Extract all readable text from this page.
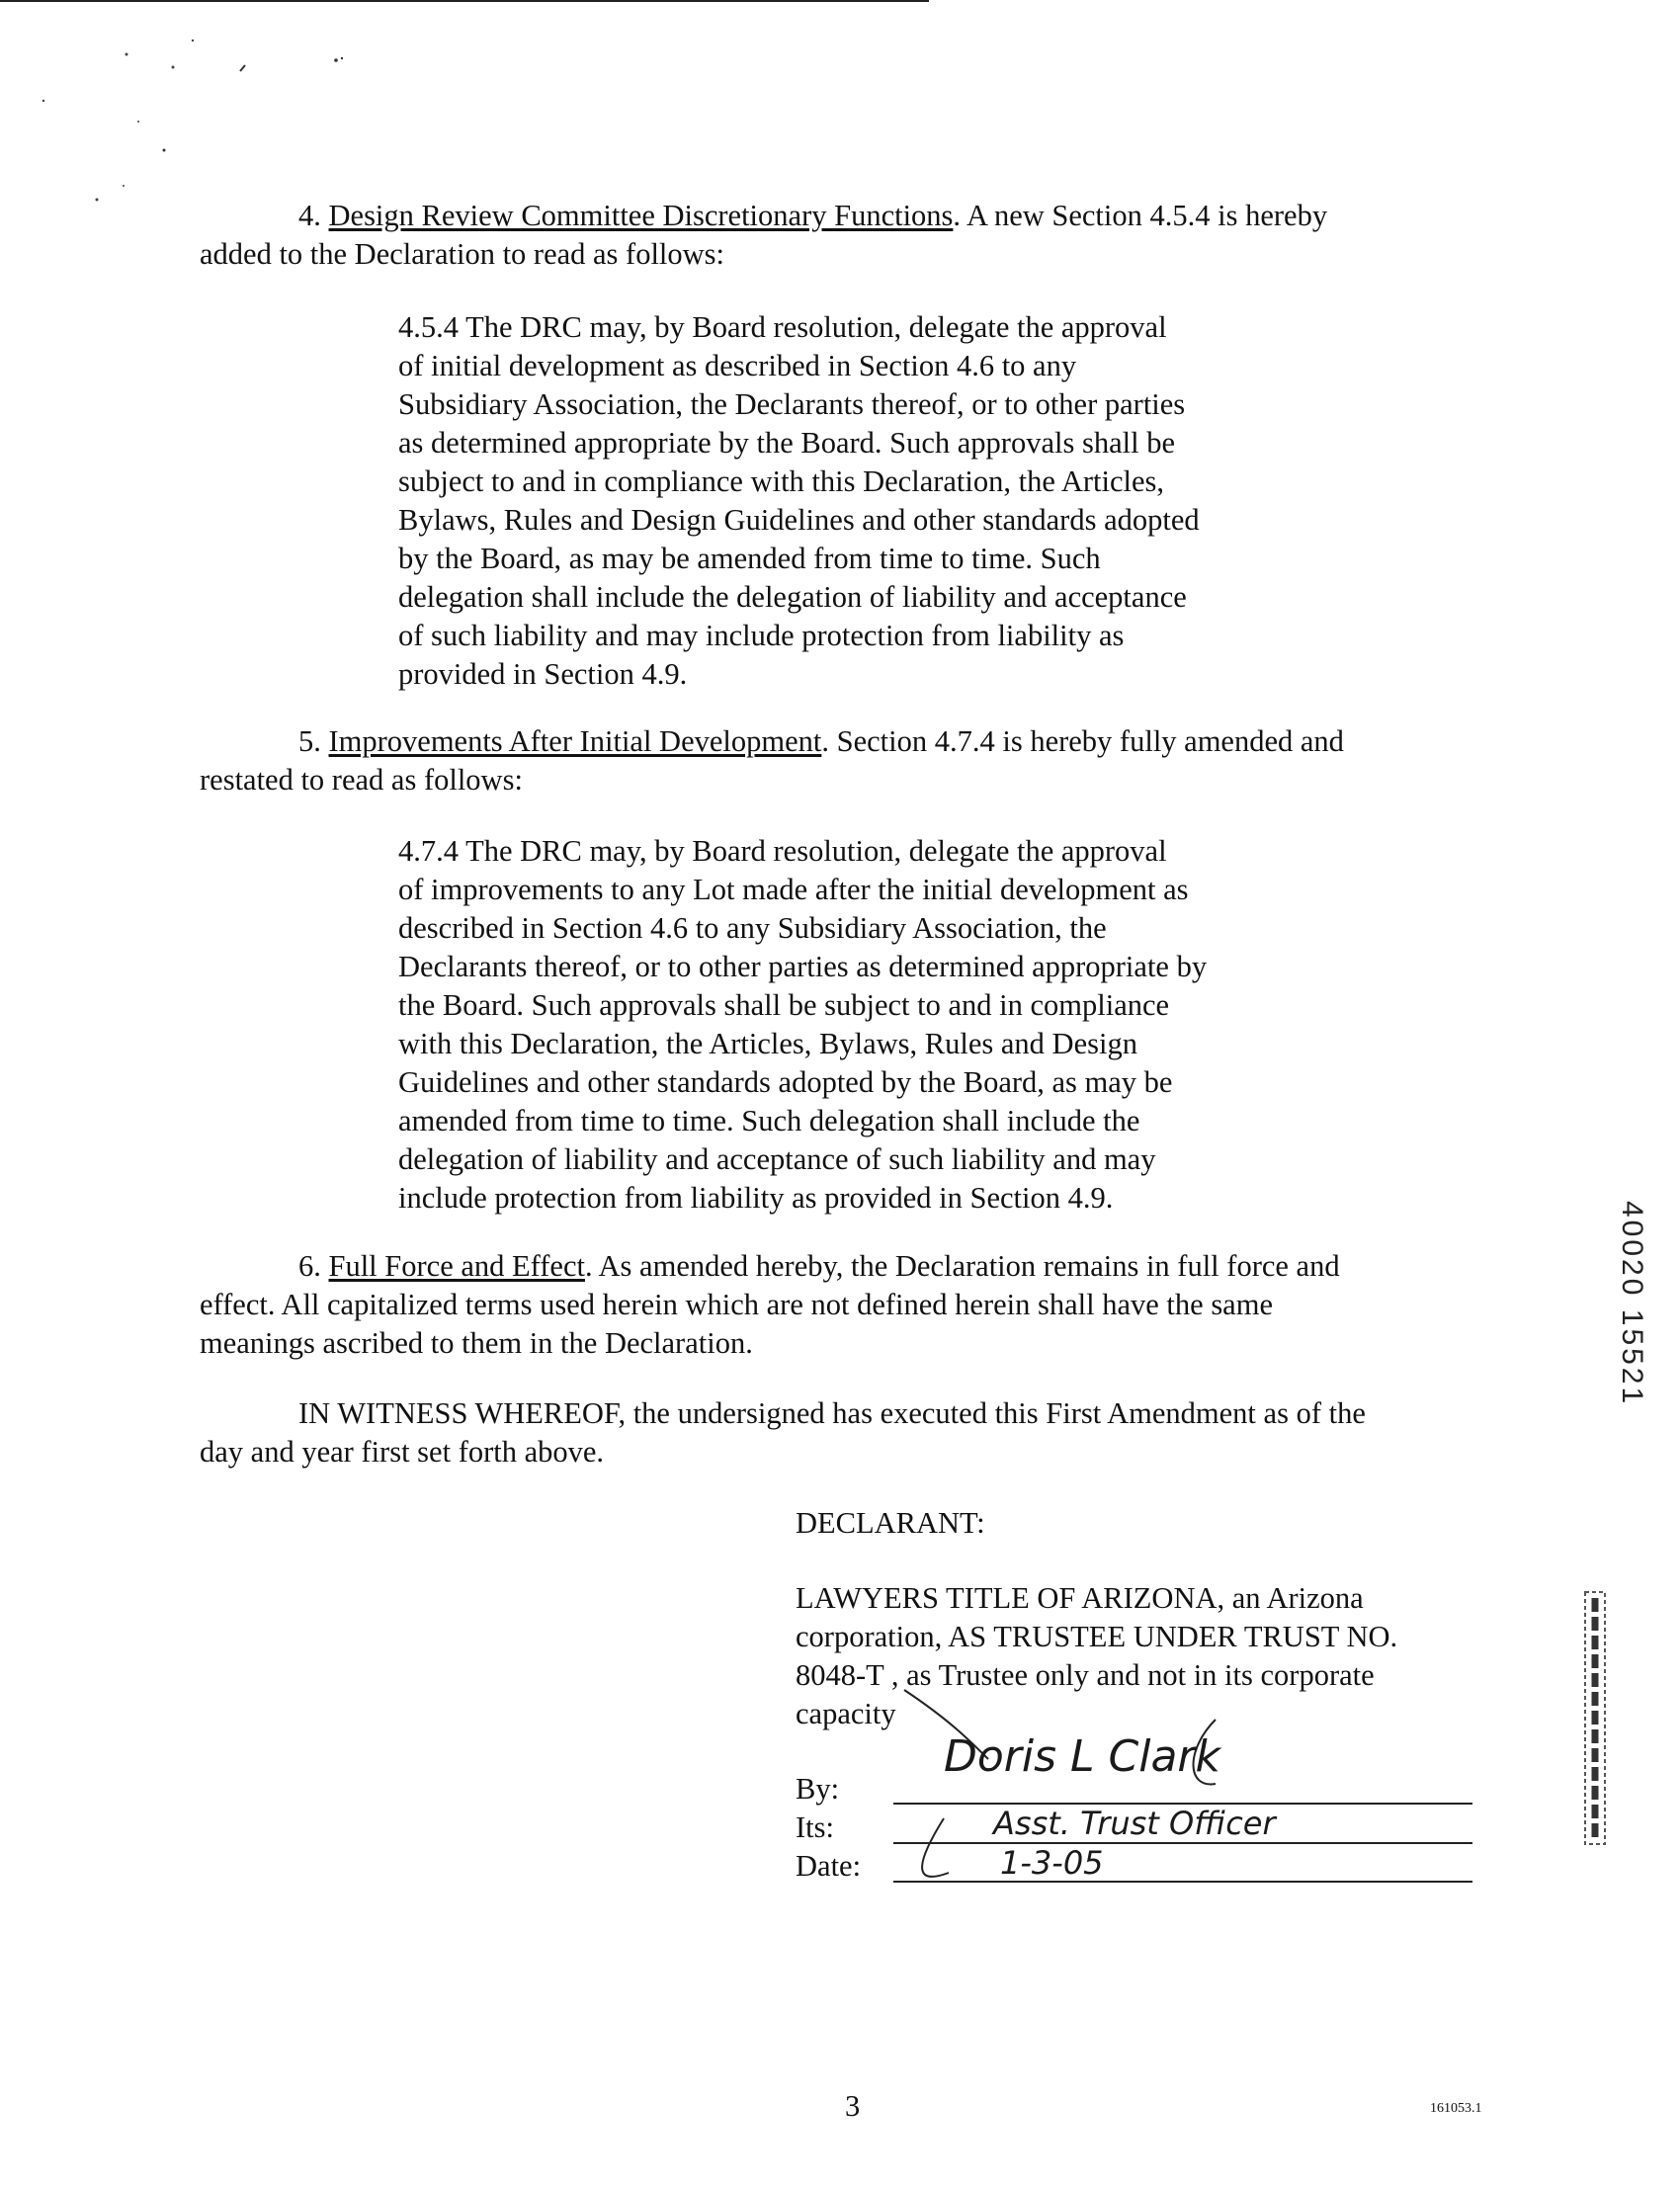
4. Design Review Committee Discretionary Functions. A new Section 4.5.4 is hereby
added to the Declaration to read as follows:
4.5.4 The DRC may, by Board resolution, delegate the approval
of initial development as described in Section 4.6 to any
Subsidiary Association, the Declarants thereof, or to other parties
as determined appropriate by the Board. Such approvals shall be
subject to and in compliance with this Declaration, the Articles,
Bylaws, Rules and Design Guidelines and other standards adopted
by the Board, as may be amended from time to time. Such
delegation shall include the delegation of liability and acceptance
of such liability and may include protection from liability as
provided in Section 4.9.
5. Improvements After Initial Development. Section 4.7.4 is hereby fully amended and
restated to read as follows:
4.7.4 The DRC may, by Board resolution, delegate the approval
of improvements to any Lot made after the initial development as
described in Section 4.6 to any Subsidiary Association, the
Declarants thereof, or to other parties as determined appropriate by
the Board. Such approvals shall be subject to and in compliance
with this Declaration, the Articles, Bylaws, Rules and Design
Guidelines and other standards adopted by the Board, as may be
amended from time to time. Such delegation shall include the
delegation of liability and acceptance of such liability and may
include protection from liability as provided in Section 4.9.
6. Full Force and Effect. As amended hereby, the Declaration remains in full force and
effect. All capitalized terms used herein which are not defined herein shall have the same
meanings ascribed to them in the Declaration.
IN WITNESS WHEREOF, the undersigned has executed this First Amendment as of the
day and year first set forth above.
DECLARANT:
LAWYERS TITLE OF ARIZONA, an Arizona
corporation, AS TRUSTEE UNDER TRUST NO.
8048-T , as Trustee only and not in its corporate
capacity
By:
Its:
Date:
Doris L Clark
Asst. Trust Officer
1-3-05
40020 15521
3	161053.1
